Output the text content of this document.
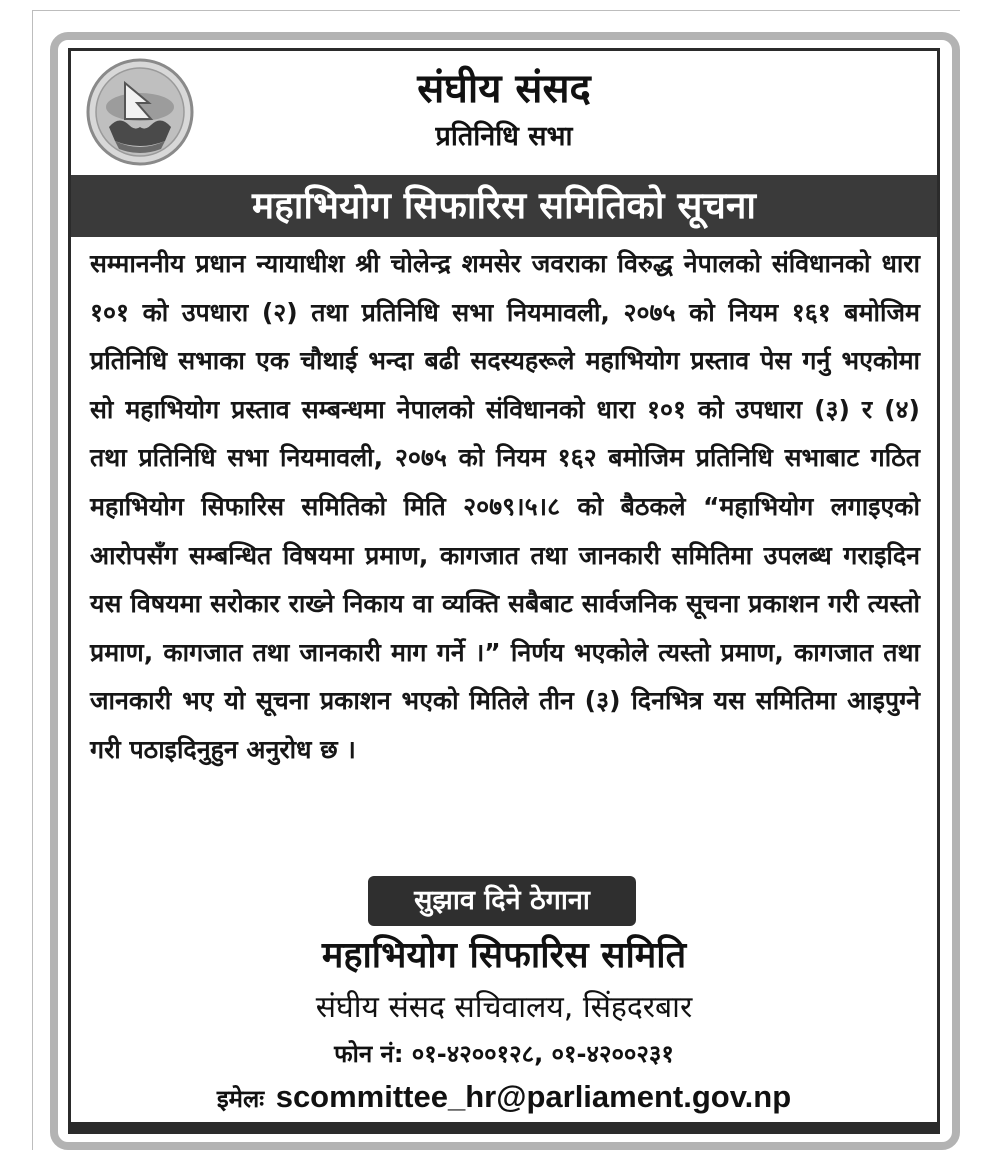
संघीय संसद
प्रतिनिधि सभा
महाभियोग सिफारिस समितिको सूचना
सम्माननीय प्रधान न्यायाधीश श्री चोलेन्द्र शमसेर जवराका विरुद्ध नेपालको संविधानको धारा १०१ को उपधारा (२) तथा प्रतिनिधि सभा नियमावली, २०७५ को नियम १६१ बमोजिम प्रतिनिधि सभाका एक चौथाई भन्दा बढी सदस्यहरूले महाभियोग प्रस्ताव पेस गर्नु भएकोमा सो महाभियोग प्रस्ताव सम्बन्धमा नेपालको संविधानको धारा १०१ को उपधारा (३) र (४) तथा प्रतिनिधि सभा नियमावली, २०७५ को नियम १६२ बमोजिम प्रतिनिधि सभाबाट गठित महाभियोग सिफारिस समितिको मिति २०७९।५।८ को बैठकले “महाभियोग लगाइएको आरोपसँग सम्बन्धित विषयमा प्रमाण, कागजात तथा जानकारी समितिमा उपलब्ध गराइदिन यस विषयमा सरोकार राख्ने निकाय वा व्यक्ति सबैबाट सार्वजनिक सूचना प्रकाशन गरी त्यस्तो प्रमाण, कागजात तथा जानकारी माग गर्ने ।” निर्णय भएकोले त्यस्तो प्रमाण, कागजात तथा जानकारी भए यो सूचना प्रकाशन भएको मितिले तीन (३) दिनभित्र यस समितिमा आइपुग्ने गरी पठाइदिनुहुन अनुरोध छ ।
सुझाव दिने ठेगाना
महाभियोग सिफारिस समिति
संघीय संसद सचिवालय, सिंहदरबार
फोन नं: ०१-४२००१२८, ०१-४२००२३१
इमेलः scommittee_hr@parliament.gov.np
